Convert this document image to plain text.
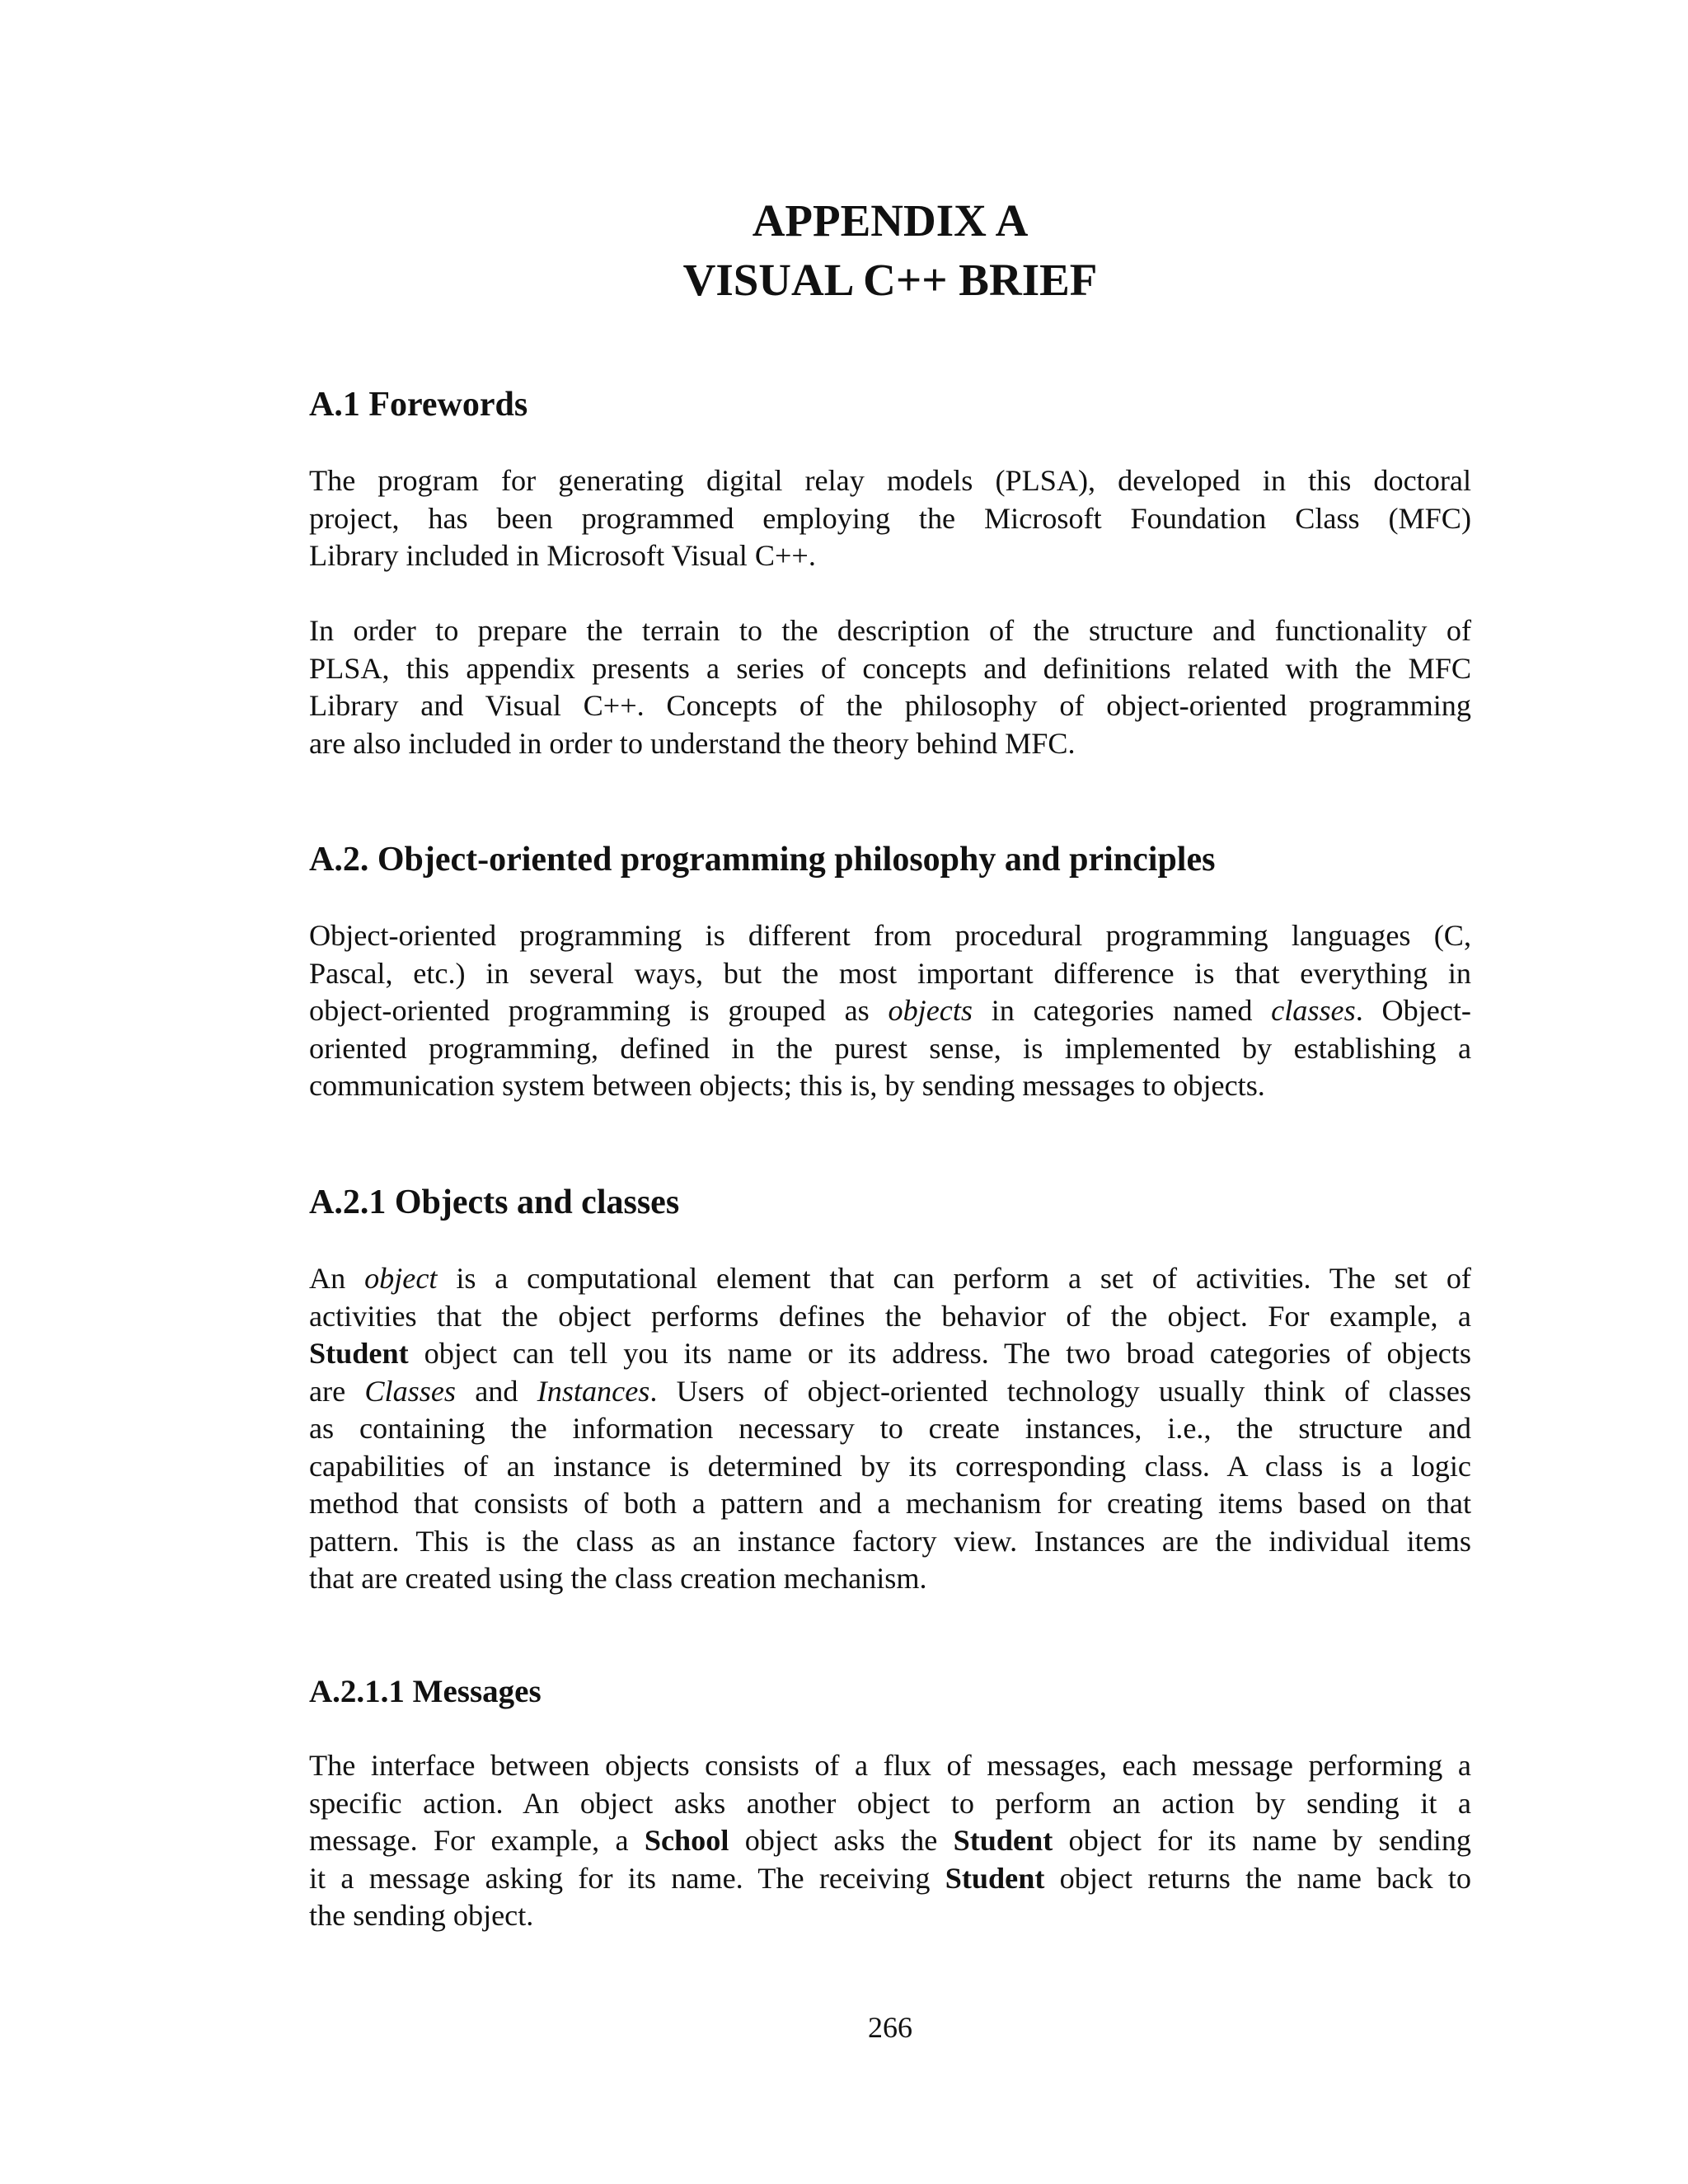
APPENDIX A
VISUAL C++ BRIEF
A.1 Forewords
The program for generating digital relay models (PLSA), developed in this doctoral
project, has been programmed employing the Microsoft Foundation Class (MFC)
Library included in Microsoft Visual C++.
In order to prepare the terrain to the description of the structure and functionality of
PLSA, this appendix presents a series of concepts and definitions related with the MFC
Library and Visual C++. Concepts of the philosophy of object-oriented programming
are also included in order to understand the theory behind MFC.
A.2. Object-oriented programming philosophy and principles
Object-oriented programming is different from procedural programming languages (C,
Pascal, etc.) in several ways, but the most important difference is that everything in
object-oriented programming is grouped as objects in categories named classes. Object-
oriented programming, defined in the purest sense, is implemented by establishing a
communication system between objects; this is, by sending messages to objects.
A.2.1 Objects and classes
An object is a computational element that can perform a set of activities. The set of
activities that the object performs defines the behavior of the object. For example, a
Student object can tell you its name or its address. The two broad categories of objects
are Classes and Instances. Users of object-oriented technology usually think of classes
as containing the information necessary to create instances, i.e., the structure and
capabilities of an instance is determined by its corresponding class. A class is a logic
method that consists of both a pattern and a mechanism for creating items based on that
pattern. This is the class as an instance factory view. Instances are the individual items
that are created using the class creation mechanism.
A.2.1.1 Messages
The interface between objects consists of a flux of messages, each message performing a
specific action. An object asks another object to perform an action by sending it a
message. For example, a School object asks the Student object for its name by sending
it a message asking for its name. The receiving Student object returns the name back to
the sending object.
266
